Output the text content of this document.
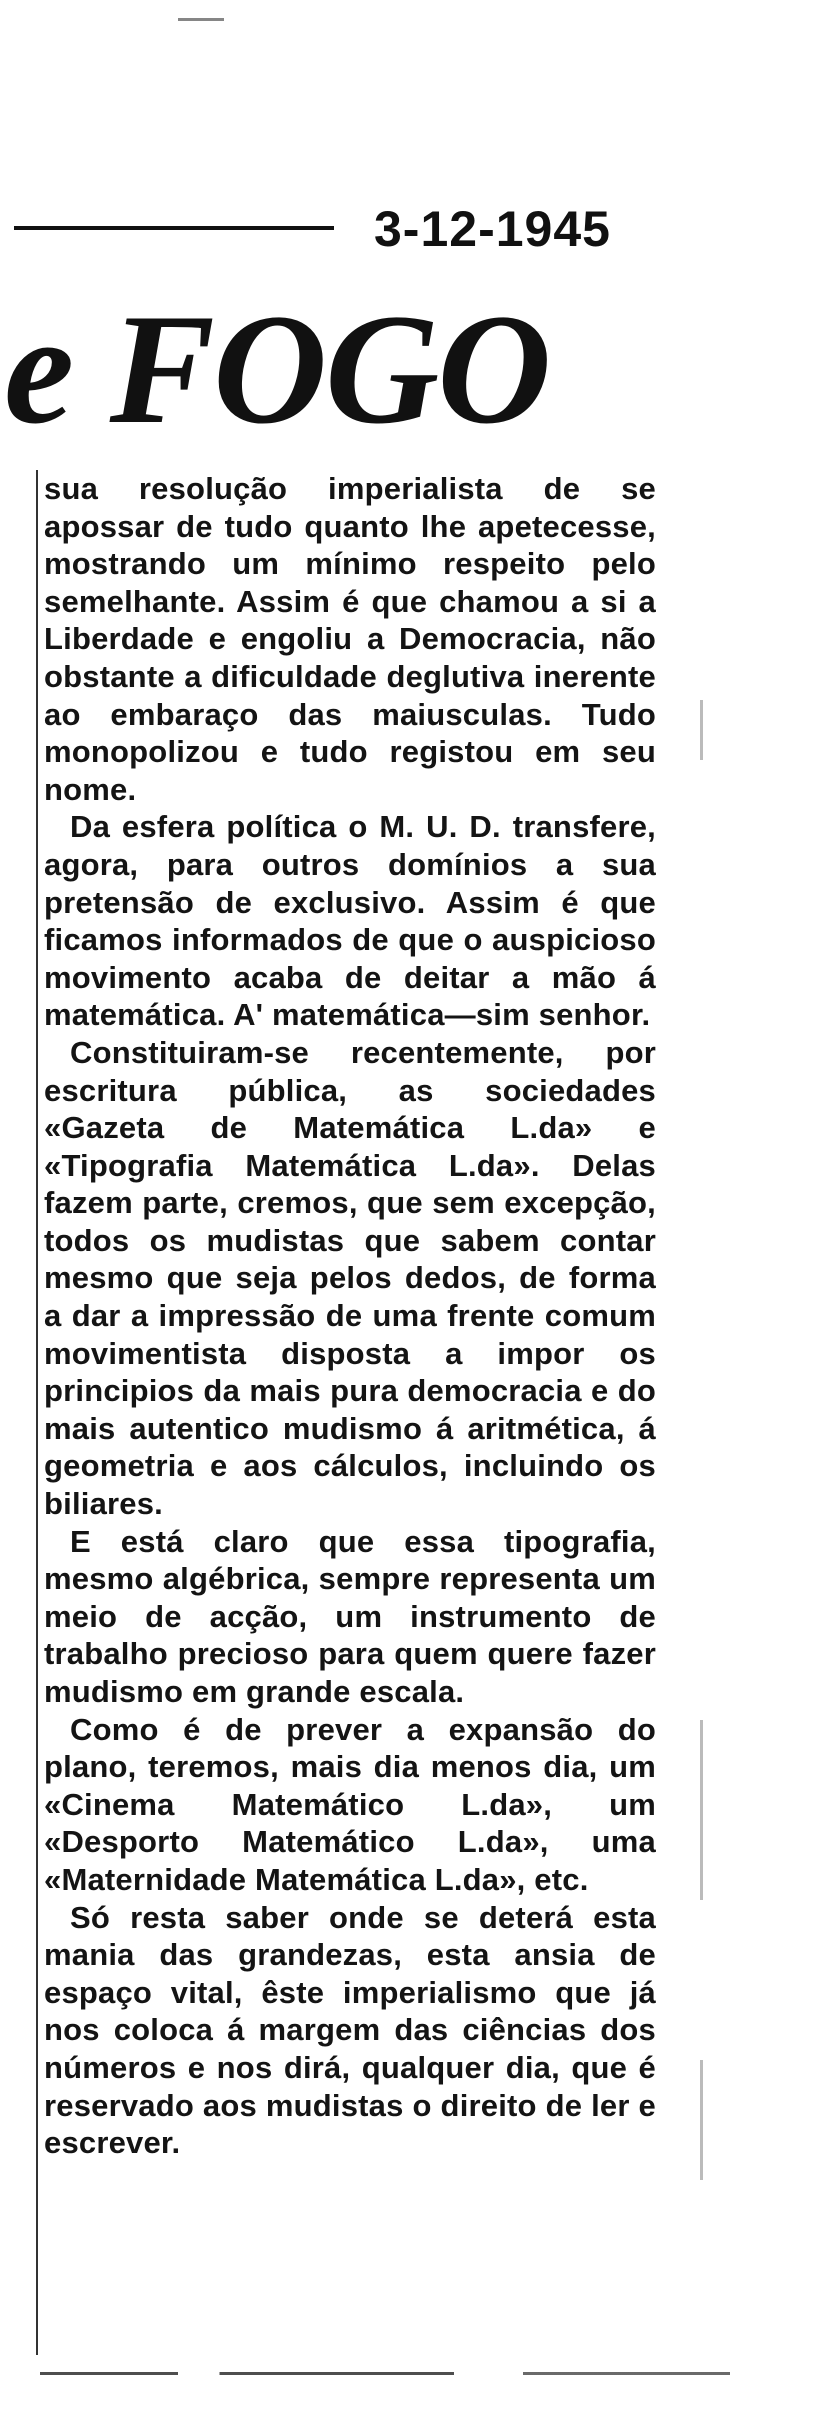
3-12-1945
e FOGO

sua resolução imperialista de se apossar de tudo quanto lhe apetecesse, mostrando um mínimo respeito pelo semelhante. Assim é que chamou a si a Liberdade e engoliu a Democracia, não obstante a dificuldade deglutiva inerente ao embaraço das maiusculas. Tudo monopolizou e tudo registou em seu nome.

Da esfera política o M. U. D. transfere, agora, para outros domínios a sua pretensão de exclusivo. Assim é que ficamos informados de que o auspicioso movimento acaba de deitar a mão á matemática. A' matemática—sim senhor.

Constituiram-se recentemente, por escritura pública, as sociedades «Gazeta de Matemática L.da» e «Tipografia Matemática L.da». Delas fazem parte, cremos, que sem excepção, todos os mudistas que sabem contar mesmo que seja pelos dedos, de forma a dar a impressão de uma frente comum movimentista disposta a impor os principios da mais pura democracia e do mais autentico mudismo á aritmética, á geometria e aos cálculos, incluindo os biliares.

E está claro que essa tipografia, mesmo algébrica, sempre representa um meio de acção, um instrumento de trabalho precioso para quem quere fazer mudismo em grande escala.

Como é de prever a expansão do plano, teremos, mais dia menos dia, um «Cinema Matemático L.da», um «Desporto Matemático L.da», uma «Maternidade Matemática L.da», etc.

Só resta saber onde se deterá esta mania das grandezas, esta ansia de espaço vital, êste imperialismo que já nos coloca á margem das ciências dos números e nos dirá, qualquer dia, que é reservado aos mudistas o direito de ler e escrever.
